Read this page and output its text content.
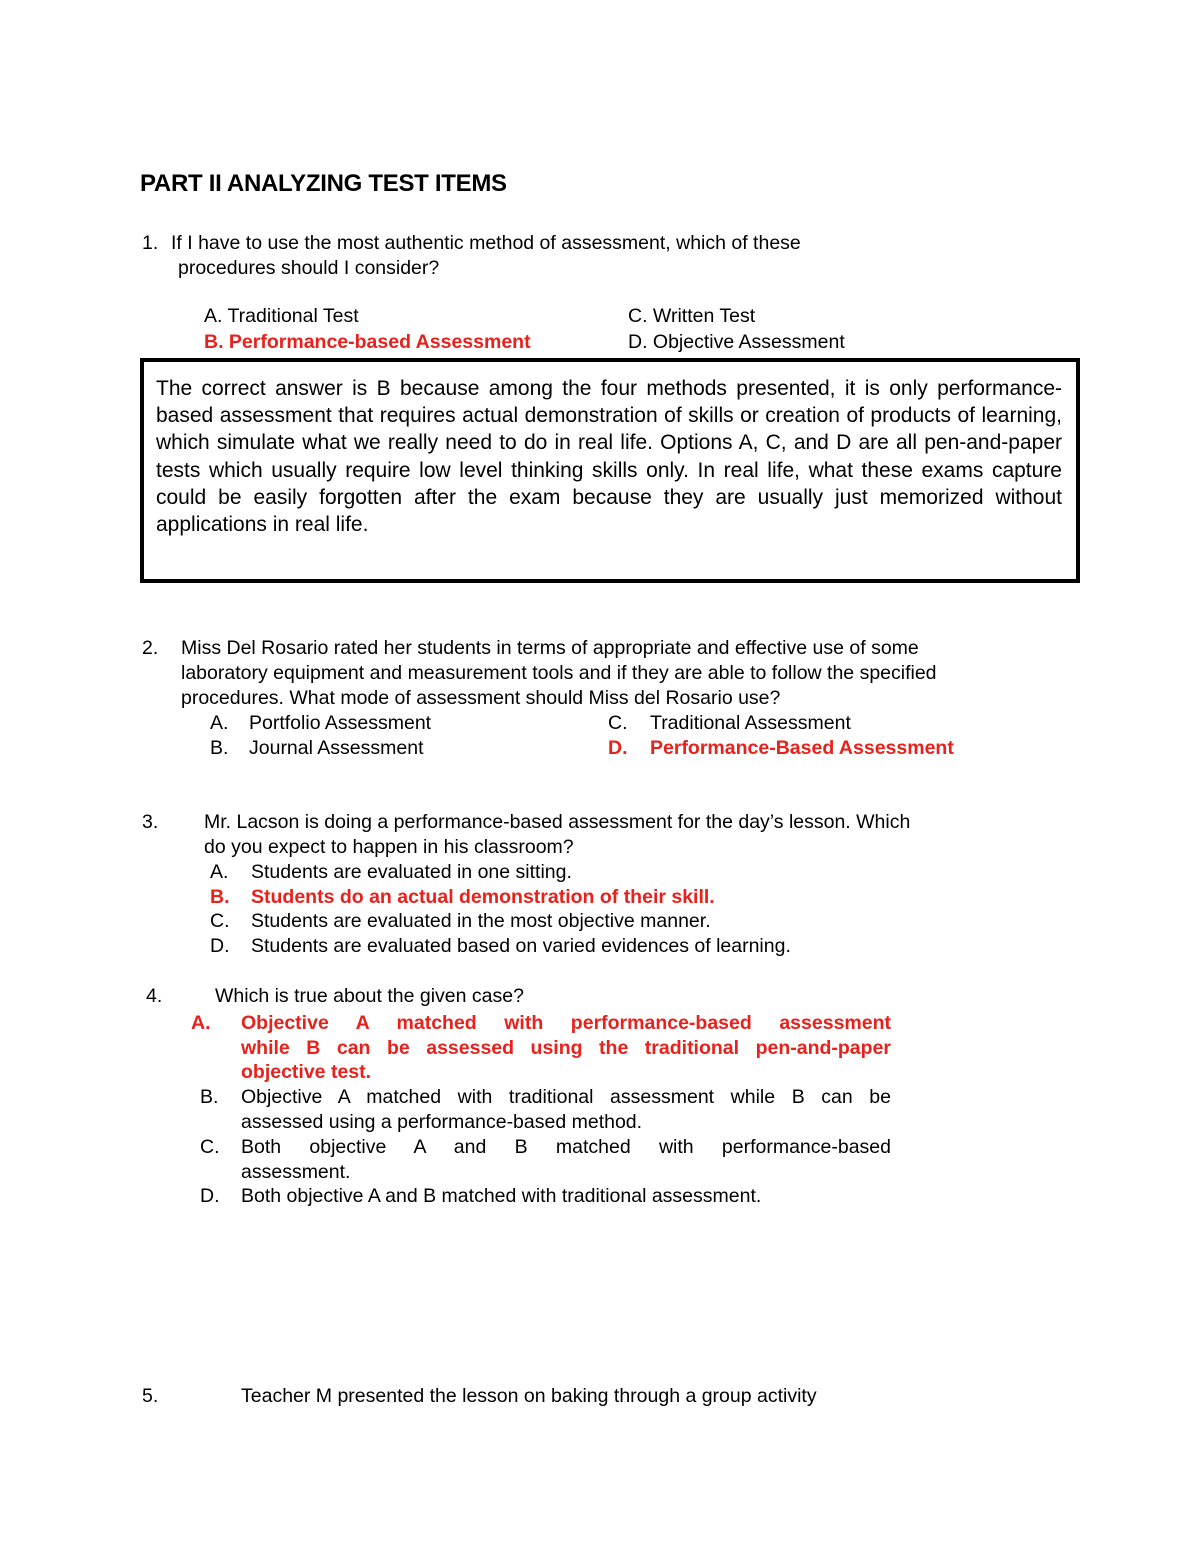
PART II ANALYZING TEST ITEMS
1. If I have to use the most authentic method of assessment, which of these
procedures should I consider?
A. Traditional Test
B. Performance-based Assessment
C. Written Test
D. Objective Assessment

The correct answer is B because among the four methods presented, it is only performance-based assessment that requires actual demonstration of skills or creation of products of learning, which simulate what we really need to do in real life. Options A, C, and D are all pen-and-paper tests which usually require low level thinking skills only. In real life, what these exams capture could be easily forgotten after the exam because they are usually just memorized without applications in real life.

2. Miss Del Rosario rated her students in terms of appropriate and effective use of some
laboratory equipment and measurement tools and if they are able to follow the specified
procedures. What mode of assessment should Miss del Rosario use?
A. Portfolio Assessment
B. Journal Assessment
C. Traditional Assessment
D. Performance-Based Assessment
3. Mr. Lacson is doing a performance-based assessment for the day’s lesson. Which
do you expect to happen in his classroom?
A. Students are evaluated in one sitting.
B. Students do an actual demonstration of their skill.
C. Students are evaluated in the most objective manner.
D. Students are evaluated based on varied evidences of learning.
4.	Which is true about the given case?
A. Objective A matched with performance-based assessment
while B can be assessed using the traditional pen-and-paper
objective test.
B. Objective A matched with traditional assessment while B can be
assessed using a performance-based method.
C. Both objective A and B matched with performance-based
assessment.
D. Both objective A and B matched with traditional assessment.
5.	Teacher M presented the lesson on baking through a group activity
